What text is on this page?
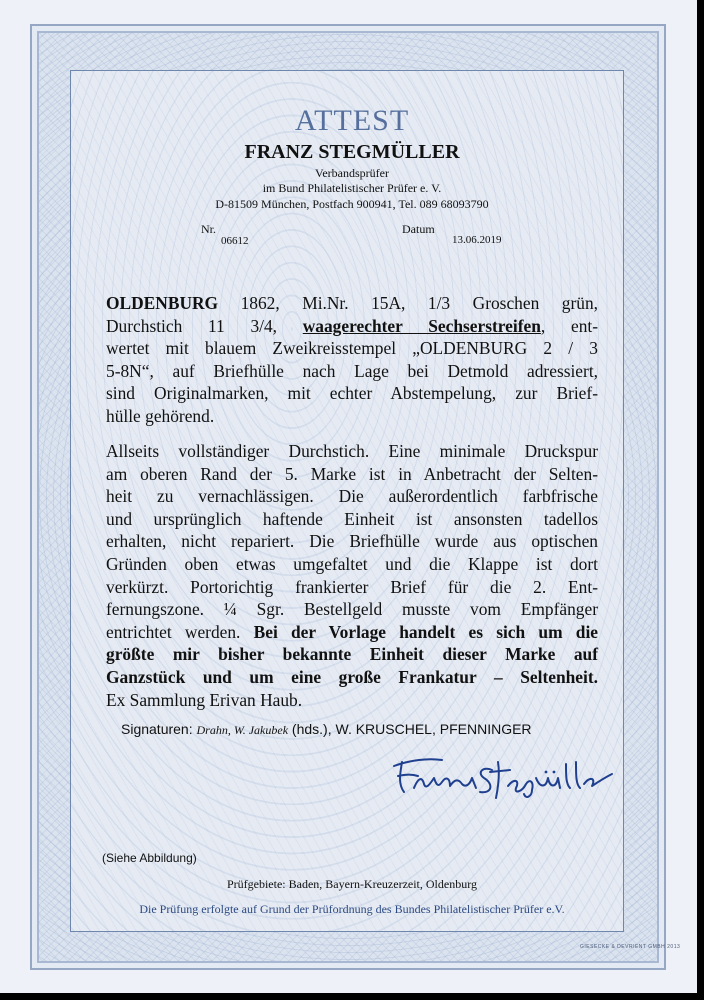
ATTEST
FRANZ STEGMÜLLER
Verbandsprüfer
im Bund Philatelistischer Prüfer e. V.
D-81509 München, Postfach 900941, Tel. 089 68093790
Nr.
06612
Datum
13.06.2019
OLDENBURG 1862, Mi.Nr. 15A, 1/3 Groschen grün,
Durchstich 11 3/4, waagerechter Sechserstreifen, ent-
wertet mit blauem Zweikreisstempel „OLDENBURG 2 / 3
5-8N“, auf Briefhülle nach Lage bei Detmold adressiert,
sind Originalmarken, mit echter Abstempelung, zur Brief-
hülle gehörend.
Allseits vollständiger Durchstich. Eine minimale Druckspur
am oberen Rand der 5. Marke ist in Anbetracht der Selten-
heit zu vernachlässigen. Die außerordentlich farbfrische
und ursprünglich haftende Einheit ist ansonsten tadellos
erhalten, nicht repariert. Die Briefhülle wurde aus optischen
Gründen oben etwas umgefaltet und die Klappe ist dort
verkürzt. Portorichtig frankierter Brief für die 2. Ent-
fernungszone. ¼ Sgr. Bestellgeld musste vom Empfänger
entrichtet werden. Bei der Vorlage handelt es sich um die
größte mir bisher bekannte Einheit dieser Marke auf
Ganzstück und um eine große Frankatur – Seltenheit.
Ex Sammlung Erivan Haub.
Signaturen: Drahn, W. Jakubek (hds.), W. KRUSCHEL, PFENNINGER
(Siehe Abbildung)
Prüfgebiete: Baden, Bayern-Kreuzerzeit, Oldenburg
Die Prüfung erfolgte auf Grund der Prüfordnung des Bundes Philatelistischer Prüfer e.V.
GIESECKE & DEVRIENT GMBH 2013
